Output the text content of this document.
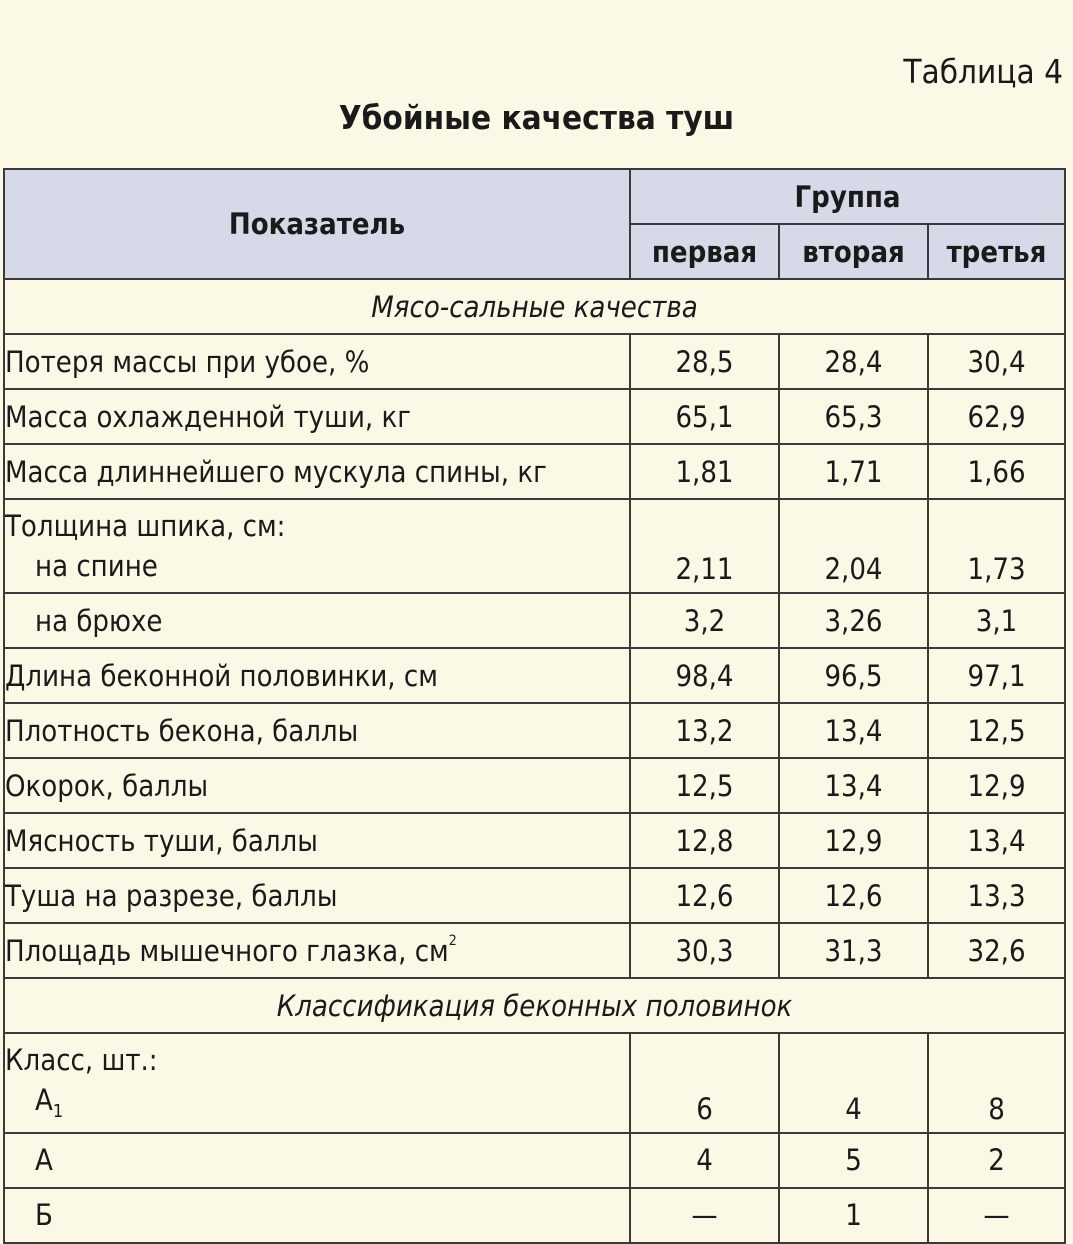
Таблица 4
Убойные качества туш
Показатель	Группа		
	первая	вторая	третья
Мясо-сальные качества			
Потеря массы при убое, %	28,5	28,4	30,4
Масса охлажденной туши, кг	65,1	65,3	62,9
Масса длиннейшего мускула спины, кг	1,81	1,71	1,66
Толщина шпика, см:
на спине	2,11	2,04	1,73

на брюхе	3,2	3,26	3,1
Длина беконной половинки, см	98,4	96,5	97,1
Плотность бекона, баллы	13,2	13,4	12,5
Окорок, баллы	12,5	13,4	12,9
Мясность туши, баллы	12,8	12,9	13,4
Туша на разрезе, баллы	12,6	12,6	13,3
Площадь мышечного глазка, $см^2$	30,3	31,3	32,6
Классификация беконных половинок			
Класс, шт.:
$А_1$	6	4	8

А	4	5	2

Б	—	1	—
